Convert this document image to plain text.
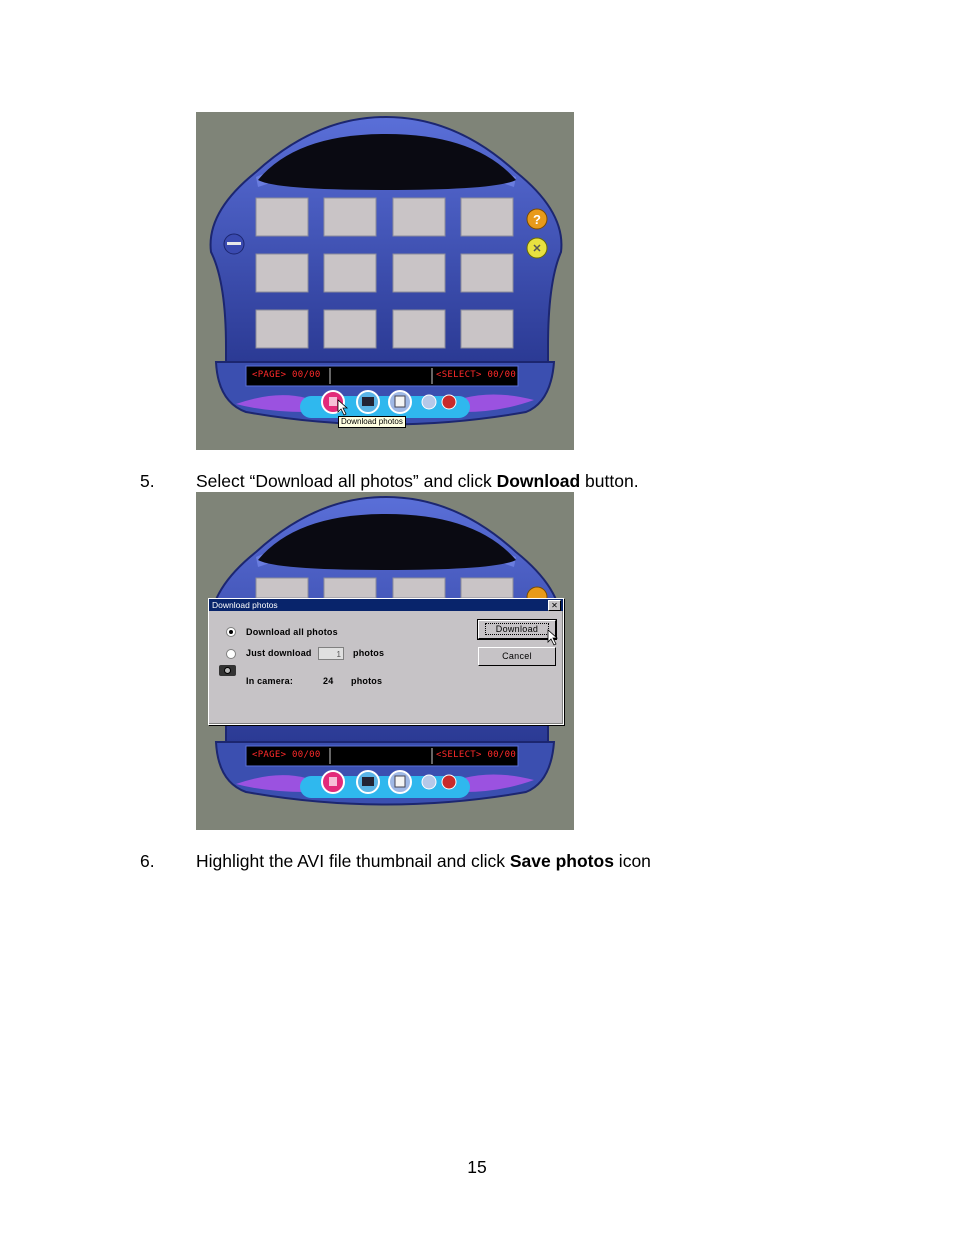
?
✕
<PAGE> 00/00	<SELECT> 00/00
Download photos
5. Select “Download all photos” and click Download button.
<PAGE> 00/00	<SELECT> 00/00
Download photos	✕
Download all photos
Just download	1	photos
In camera:	24 photos
Download
Cancel
6. Highlight the AVI file thumbnail and click Save photos icon
15
